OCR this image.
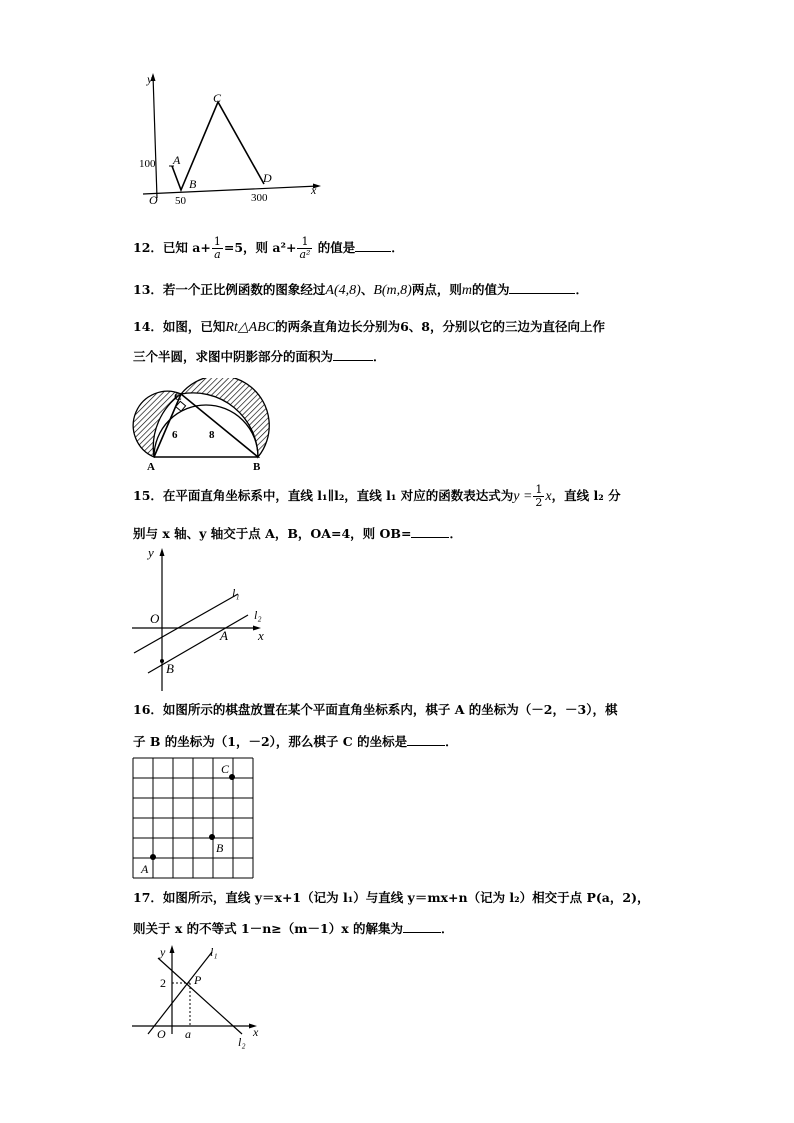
y
x
O
A
B
C
D
100
50	300
12．已知 $a+ \frac{1}{a} =5$，则 $a^2+ \frac{1}{\text{a²}}$ 的值是	．
13．若一个正比例函数的图象经过A(4,8)、B(m,8)两点，则m的值为	．
14．如图，已知Rt△ABC的两条直角边长分别为6、8，分别以它的三边为直径向上作
三个半圆，求图中阴影部分的面积为	．
C
A	B
6	8
15．在平面直角坐标系中，直线 l₁∥l₂，直线 l₁ 对应的函数表达式为$y = \frac{1}{2}$ x，直线 l₂ 分
别与 x 轴、y 轴交于点 A，B，OA=4，则 OB=	．
y
x
O
A
B
l₁
l₂
16．如图所示的棋盘放置在某个平面直角坐标系内，棋子 A 的坐标为（－2，－3），棋
子 B 的坐标为（1，－2），那么棋子 C 的坐标是	．
A
B
C
17．如图所示，直线 y＝x+1（记为 l₁）与直线 y＝mx+n（记为 l₂）相交于点 P(a，2)，
则关于 x 的不等式 1－n≥（m－1）x 的解集为	．
y
x
O a
2 P
l₁
l₂
